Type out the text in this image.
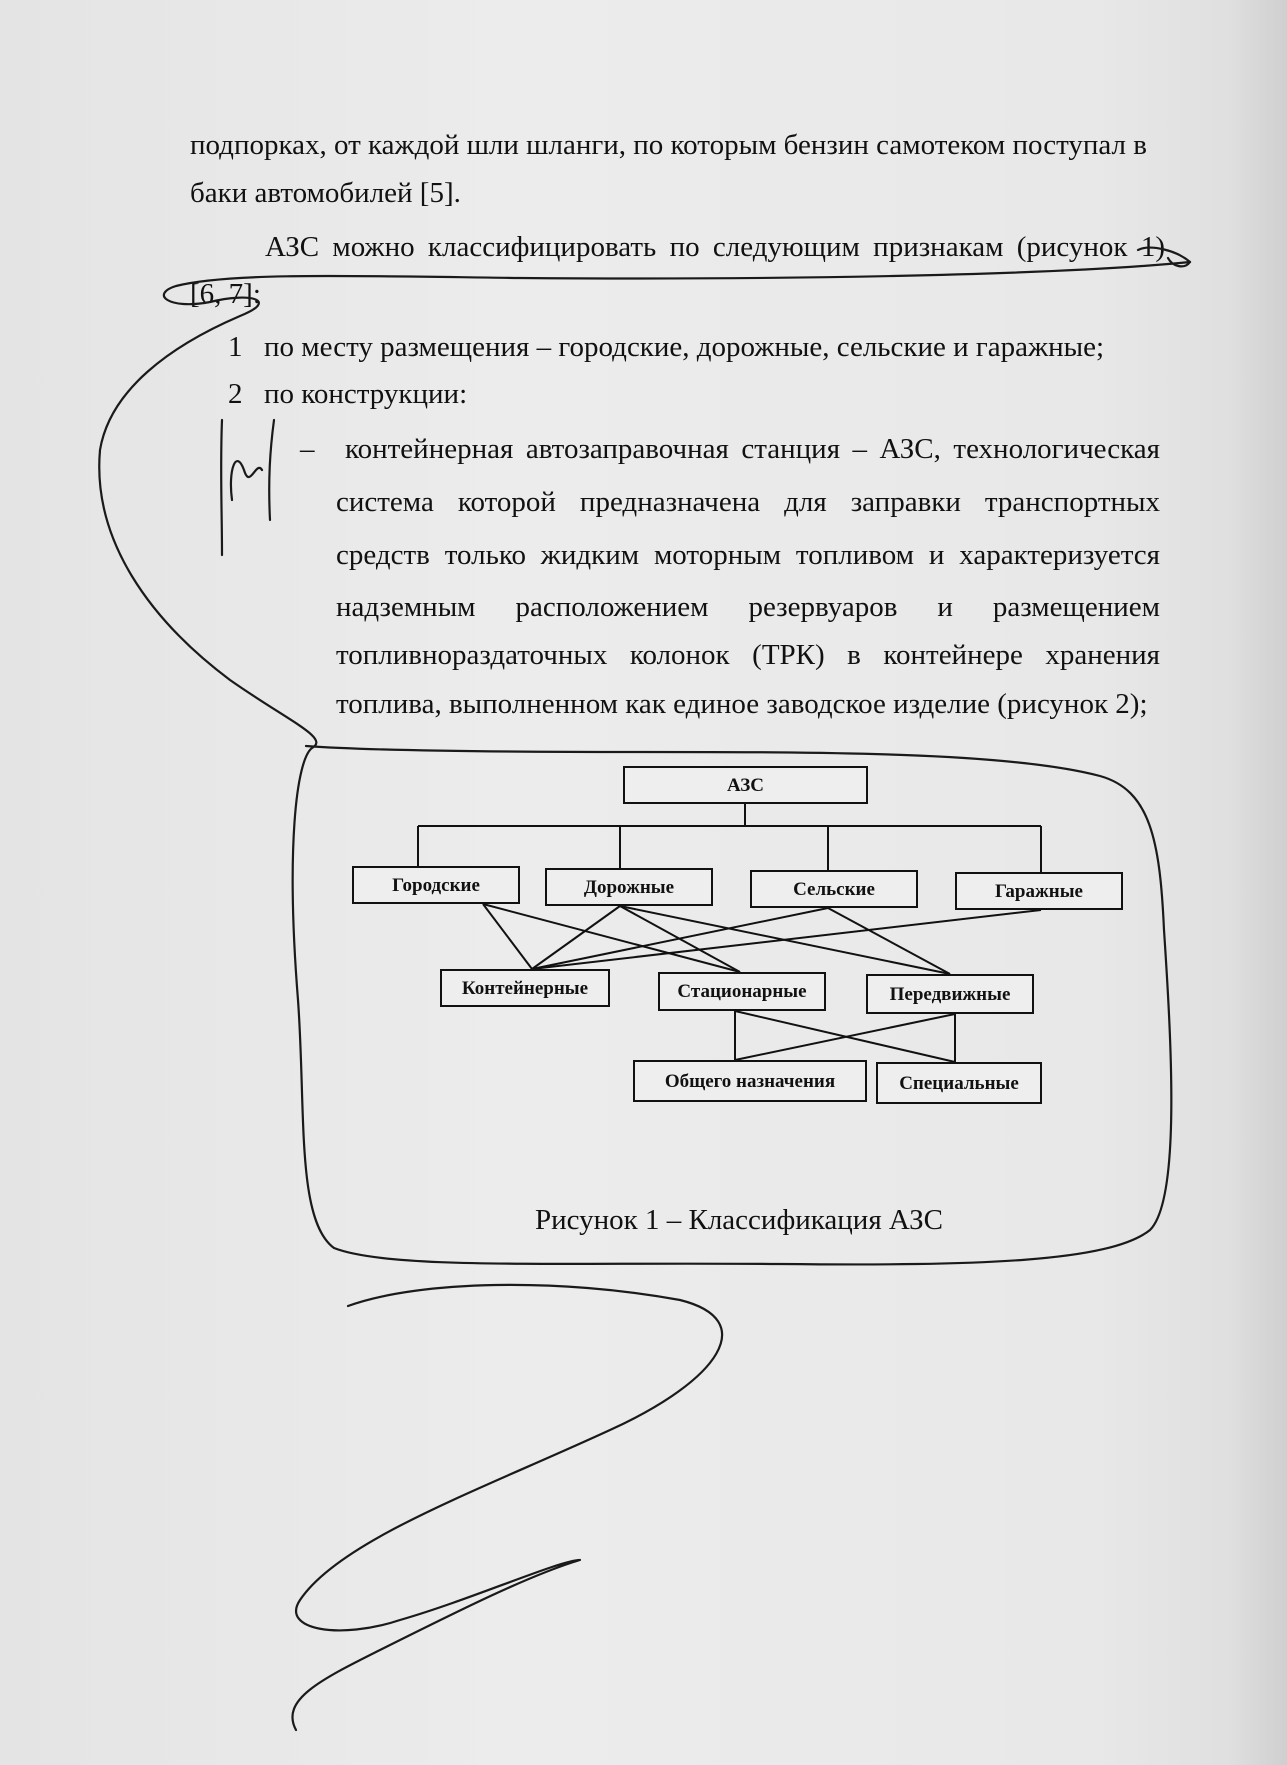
подпорках, от каждой шли шланги, по которым бензин самотеком поступал в
баки автомобилей [5].
АЗС можно классифицировать по следующим признакам (рисунок 1)
[6, 7]:
1 по месту размещения – городские, дорожные, сельские и гаражные;
2 по конструкции:
– контейнерная автозаправочная станция – АЗС, технологическая
система которой предназначена для заправки транспортных
средств только жидким моторным топливом и характеризуется
надземным расположением резервуаров и размещением
топливнораздаточных колонок (ТРК) в контейнере хранения
топлива, выполненном как единое заводское изделие (рисунок 2);
АЗС
Городские	Дорожные	Сельские	Гаражные
Контейнерные	Стационарные	Передвижные
Общего назначения	Специальные
Рисунок 1 – Классификация АЗС
